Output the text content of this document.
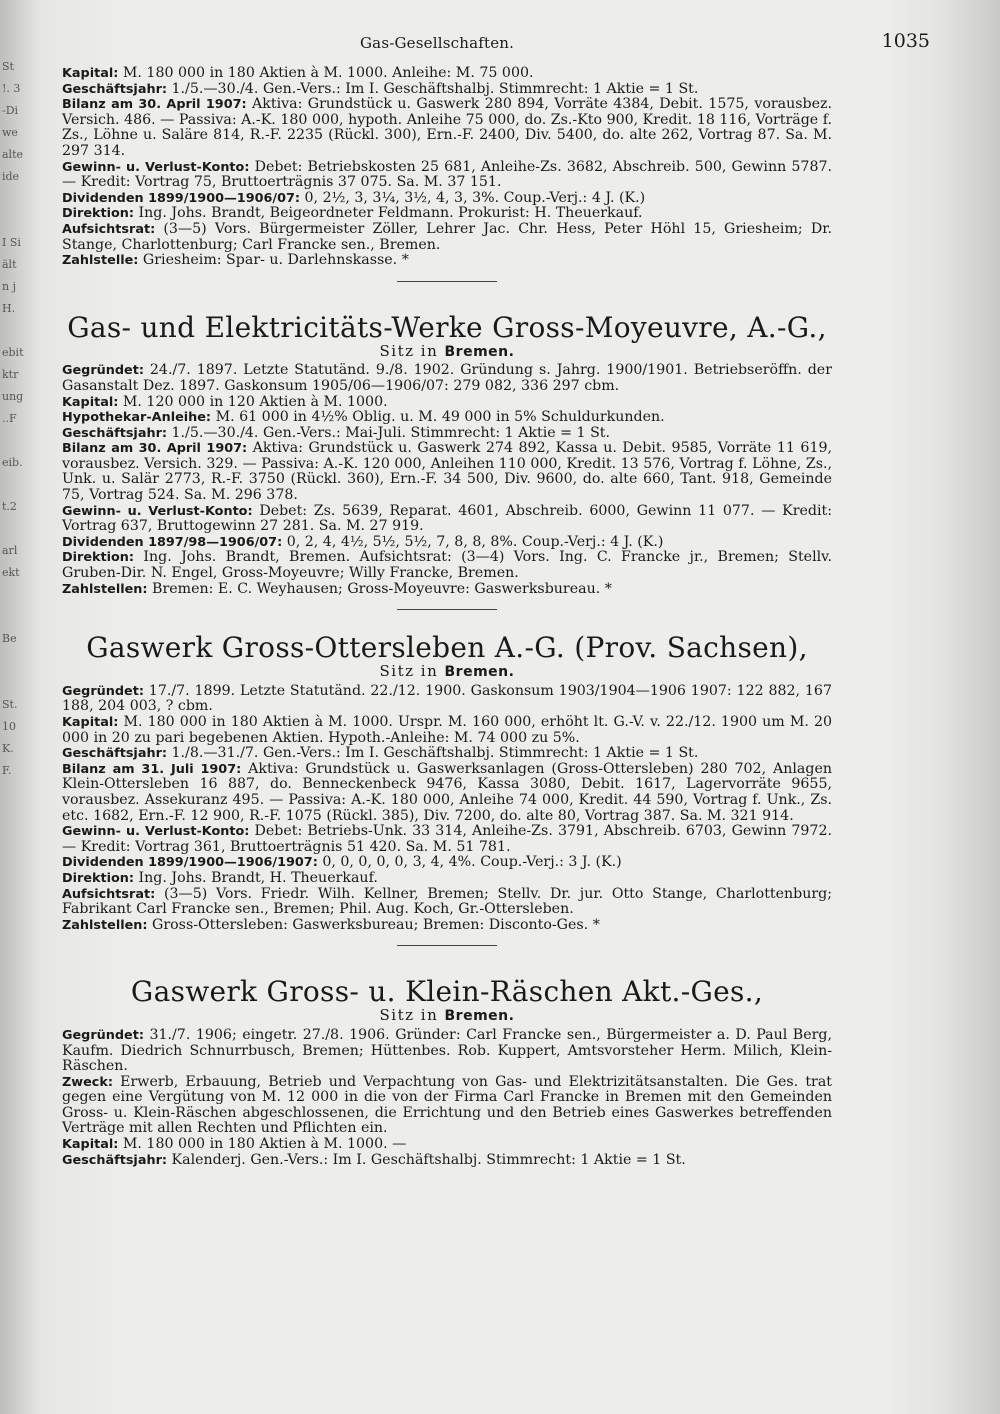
St
!. 3
-Di
we
alte
ide
I Si
ält
n j
H.
ebit
ktr
ung
..F
eib.
t.2
arl
ekt
Be
St.
10
K.
F.
Gas-Gesellschaften.	1035

Kapital: M. 180 000 in 180 Aktien à M. 1000. Anleihe: M. 75 000.

Geschäftsjahr: 1./5.—30./4. Gen.-Vers.: Im I. Geschäftshalbj. Stimmrecht: 1 Aktie = 1 St.

Bilanz am 30. April 1907: Aktiva: Grundstück u. Gaswerk 280 894, Vorräte 4384, Debit. 1575, vorausbez. Versich. 486. — Passiva: A.-K. 180 000, hypoth. Anleihe 75 000, do. Zs.-Kto 900, Kredit. 18 116, Vorträge f. Zs., Löhne u. Saläre 814, R.-F. 2235 (Rückl. 300), Ern.-F. 2400, Div. 5400, do. alte 262, Vortrag 87. Sa. M. 297 314.

Gewinn- u. Verlust-Konto: Debet: Betriebskosten 25 681, Anleihe-Zs. 3682, Abschreib. 500, Gewinn 5787. — Kredit: Vortrag 75, Bruttoerträgnis 37 075. Sa. M. 37 151.

Dividenden 1899/1900—1906/07: 0, 2½, 3, 3¼, 3½, 4, 3, 3%. Coup.-Verj.: 4 J. (K.)

Direktion: Ing. Johs. Brandt, Beigeordneter Feldmann. Prokurist: H. Theuerkauf.

Aufsichtsrat: (3—5) Vors. Bürgermeister Zöller, Lehrer Jac. Chr. Hess, Peter Höhl 15, Griesheim; Dr. Stange, Charlottenburg; Carl Francke sen., Bremen.

Zahlstelle: Griesheim: Spar- u. Darlehnskasse. *

Gas- und Elektricitäts-Werke Gross-Moyeuvre, A.-G.,
Sitz in Bremen.

Gegründet: 24./7. 1897. Letzte Statutänd. 9./8. 1902. Gründung s. Jahrg. 1900/1901. Betriebseröffn. der Gasanstalt Dez. 1897. Gaskonsum 1905/06—1906/07: 279 082, 336 297 cbm.

Kapital: M. 120 000 in 120 Aktien à M. 1000.

Hypothekar-Anleihe: M. 61 000 in 4½% Oblig. u. M. 49 000 in 5% Schuldurkunden.

Geschäftsjahr: 1./5.—30./4. Gen.-Vers.: Mai-Juli. Stimmrecht: 1 Aktie = 1 St.

Bilanz am 30. April 1907: Aktiva: Grundstück u. Gaswerk 274 892, Kassa u. Debit. 9585, Vorräte 11 619, vorausbez. Versich. 329. — Passiva: A.-K. 120 000, Anleihen 110 000, Kredit. 13 576, Vortrag f. Löhne, Zs., Unk. u. Salär 2773, R.-F. 3750 (Rückl. 360), Ern.-F. 34 500, Div. 9600, do. alte 660, Tant. 918, Gemeinde 75, Vortrag 524. Sa. M. 296 378.

Gewinn- u. Verlust-Konto: Debet: Zs. 5639, Reparat. 4601, Abschreib. 6000, Gewinn 11 077. — Kredit: Vortrag 637, Bruttogewinn 27 281. Sa. M. 27 919.

Dividenden 1897/98—1906/07: 0, 2, 4, 4½, 5½, 5½, 7, 8, 8, 8%. Coup.-Verj.: 4 J. (K.)

Direktion: Ing. Johs. Brandt, Bremen. Aufsichtsrat: (3—4) Vors. Ing. C. Francke jr., Bremen; Stellv. Gruben-Dir. N. Engel, Gross-Moyeuvre; Willy Francke, Bremen.

Zahlstellen: Bremen: E. C. Weyhausen; Gross-Moyeuvre: Gaswerksbureau. *

Gaswerk Gross-Ottersleben A.-G. (Prov. Sachsen),
Sitz in Bremen.

Gegründet: 17./7. 1899. Letzte Statutänd. 22./12. 1900. Gaskonsum 1903/1904—1906 1907: 122 882, 167 188, 204 003, ? cbm.

Kapital: M. 180 000 in 180 Aktien à M. 1000. Urspr. M. 160 000, erhöht lt. G.-V. v. 22./12. 1900 um M. 20 000 in 20 zu pari begebenen Aktien. Hypoth.-Anleihe: M. 74 000 zu 5%.

Geschäftsjahr: 1./8.—31./7. Gen.-Vers.: Im I. Geschäftshalbj. Stimmrecht: 1 Aktie = 1 St.

Bilanz am 31. Juli 1907: Aktiva: Grundstück u. Gaswerksanlagen (Gross-Ottersleben) 280 702, Anlagen Klein-Ottersleben 16 887, do. Benneckenbeck 9476, Kassa 3080, Debit. 1617, Lagervorräte 9655, vorausbez. Assekuranz 495. — Passiva: A.-K. 180 000, Anleihe 74 000, Kredit. 44 590, Vortrag f. Unk., Zs. etc. 1682, Ern.-F. 12 900, R.-F. 1075 (Rückl. 385), Div. 7200, do. alte 80, Vortrag 387. Sa. M. 321 914.

Gewinn- u. Verlust-Konto: Debet: Betriebs-Unk. 33 314, Anleihe-Zs. 3791, Abschreib. 6703, Gewinn 7972. — Kredit: Vortrag 361, Bruttoerträgnis 51 420. Sa. M. 51 781.

Dividenden 1899/1900—1906/1907: 0, 0, 0, 0, 0, 3, 4, 4%. Coup.-Verj.: 3 J. (K.)

Direktion: Ing. Johs. Brandt, H. Theuerkauf.

Aufsichtsrat: (3—5) Vors. Friedr. Wilh. Kellner, Bremen; Stellv. Dr. jur. Otto Stange, Charlottenburg; Fabrikant Carl Francke sen., Bremen; Phil. Aug. Koch, Gr.-Ottersleben.

Zahlstellen: Gross-Ottersleben: Gaswerksbureau; Bremen: Disconto-Ges. *

Gaswerk Gross- u. Klein-Räschen Akt.-Ges.,
Sitz in Bremen.

Gegründet: 31./7. 1906; eingetr. 27./8. 1906. Gründer: Carl Francke sen., Bürgermeister a. D. Paul Berg, Kaufm. Diedrich Schnurrbusch, Bremen; Hüttenbes. Rob. Kuppert, Amtsvorsteher Herm. Milich, Klein-Räschen.

Zweck: Erwerb, Erbauung, Betrieb und Verpachtung von Gas- und Elektrizitätsanstalten. Die Ges. trat gegen eine Vergütung von M. 12 000 in die von der Firma Carl Francke in Bremen mit den Gemeinden Gross- u. Klein-Räschen abgeschlossenen, die Errichtung und den Betrieb eines Gaswerkes betreffenden Verträge mit allen Rechten und Pflichten ein.

Kapital: M. 180 000 in 180 Aktien à M. 1000. —

Geschäftsjahr: Kalenderj. Gen.-Vers.: Im I. Geschäftshalbj. Stimmrecht: 1 Aktie = 1 St.
